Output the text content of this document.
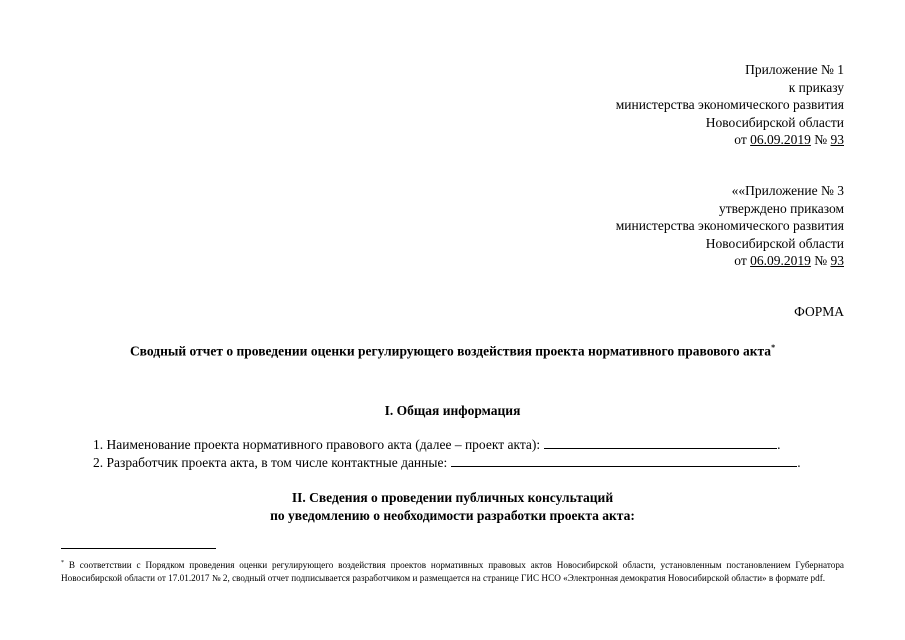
Приложение № 1
к приказу
министерства экономического развития
Новосибирской области
от 06.09.2019 № 93
««Приложение № 3
утверждено приказом
министерства экономического развития
Новосибирской области
от 06.09.2019 № 93
ФОРМА
Сводный отчет о проведении оценки регулирующего воздействия проекта нормативного правового акта*
I. Общая информация
1. Наименование проекта нормативного правового акта (далее – проект акта):	.
2. Разработчик проекта акта, в том числе контактные данные:	.
II. Сведения о проведении публичных консультаций
по уведомлению о необходимости разработки проекта акта:
* В соответствии с Порядком проведения оценки регулирующего воздействия проектов нормативных правовых актов Новосибирской области, установленным постановлением Губернатора Новосибирской области от 17.01.2017 № 2, сводный отчет подписывается разработчиком и размещается на странице ГИС НСО «Электронная демократия Новосибирской области» в формате pdf.
